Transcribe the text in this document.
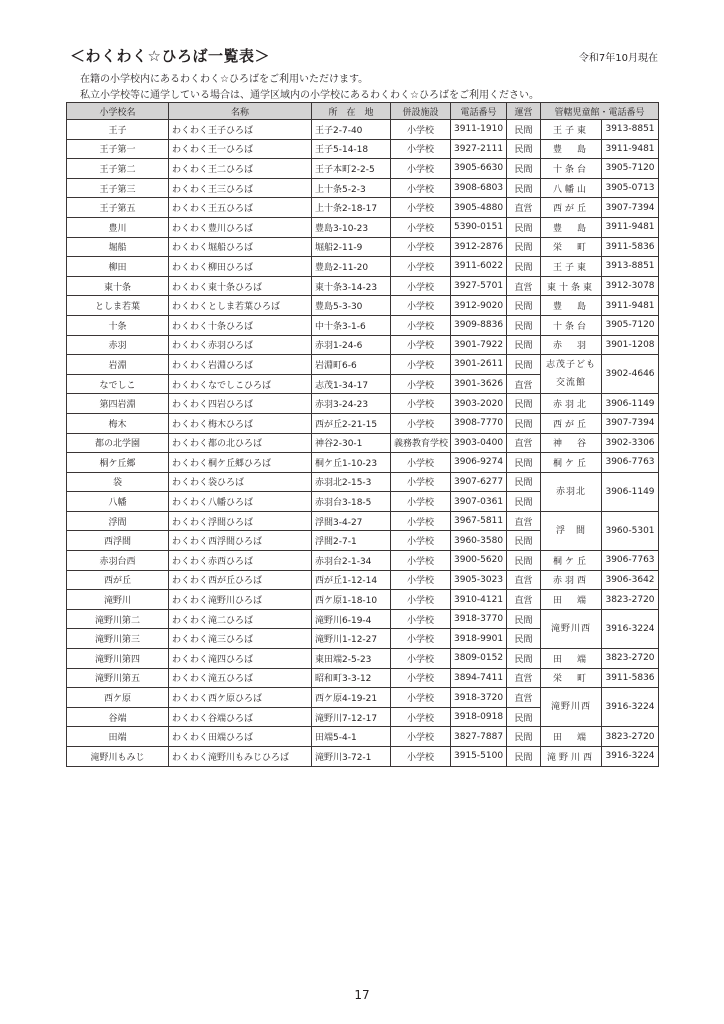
＜わくわく☆ひろば一覧表＞	令和7年10月現在
在籍の小学校内にあるわくわく☆ひろばをご利用いただけます。
私立小学校等に通学している場合は、通学区域内の小学校にあるわくわく☆ひろばをご利用ください。
小学校名	名称	所　在　地	併設施設	電話番号	運営	管轄児童館・電話番号	
王子	わくわく王子ひろば	王子2-7-40	小学校	3911-1910	民間	王子東	3913-8851
王子第一	わくわく王一ひろば	王子5-14-18	小学校	3927-2111	民間	豊　島	3911-9481
王子第二	わくわく王二ひろば	王子本町2-2-5	小学校	3905-6630	民間	十条台	3905-7120
王子第三	わくわく王三ひろば	上十条5-2-3	小学校	3908-6803	民間	八幡山	3905-0713
王子第五	わくわく王五ひろば	上十条2-18-17	小学校	3905-4880	直営	西が丘	3907-7394
豊川	わくわく豊川ひろば	豊島3-10-23	小学校	5390-0151	民間	豊　島	3911-9481
堀船	わくわく堀船ひろば	堀船2-11-9	小学校	3912-2876	民間	栄　町	3911-5836
柳田	わくわく柳田ひろば	豊島2-11-20	小学校	3911-6022	民間	王子東	3913-8851
東十条	わくわく東十条ひろば	東十条3-14-23	小学校	3927-5701	直営	東十条東	3912-3078
としま若葉	わくわくとしま若葉ひろば	豊島5-3-30	小学校	3912-9020	民間	豊　島	3911-9481
十条	わくわく十条ひろば	中十条3-1-6	小学校	3909-8836	民間	十条台	3905-7120
赤羽	わくわく赤羽ひろば	赤羽1-24-6	小学校	3901-7922	民間	赤　羽	3901-1208
岩淵	わくわく岩淵ひろば	岩淵町6-6	小学校	3901-2611	民間	志茂子ども交流館	3902-4646
なでしこ	わくわくなでしこひろば	志茂1-34-17	小学校	3901-3626	直営		
第四岩淵	わくわく四岩ひろば	赤羽3-24-23	小学校	3903-2020	民間	赤羽北	3906-1149
梅木	わくわく梅木ひろば	西が丘2-21-15	小学校	3908-7770	民間	西が丘	3907-7394
都の北学園	わくわく都の北ひろば	神谷2-30-1	義務教育学校	3903-0400	直営	神　谷	3902-3306
桐ケ丘郷	わくわく桐ケ丘郷ひろば	桐ケ丘1-10-23	小学校	3906-9274	民間	桐ケ丘	3906-7763
袋	わくわく袋ひろば	赤羽北2-15-3	小学校	3907-6277	民間	赤羽北	3906-1149
八幡	わくわく八幡ひろば	赤羽台3-18-5	小学校	3907-0361	民間		
浮間	わくわく浮間ひろば	浮間3-4-27	小学校	3967-5811	直営	浮　間	3960-5301
西浮間	わくわく西浮間ひろば	浮間2-7-1	小学校	3960-3580	民間		
赤羽台西	わくわく赤西ひろば	赤羽台2-1-34	小学校	3900-5620	民間	桐ケ丘	3906-7763
西が丘	わくわく西が丘ひろば	西が丘1-12-14	小学校	3905-3023	直営	赤羽西	3906-3642
滝野川	わくわく滝野川ひろば	西ケ原1-18-10	小学校	3910-4121	直営	田　端	3823-2720
滝野川第二	わくわく滝二ひろば	滝野川6-19-4	小学校	3918-3770	民間	滝野川西	3916-3224
滝野川第三	わくわく滝三ひろば	滝野川1-12-27	小学校	3918-9901	民間		
滝野川第四	わくわく滝四ひろば	東田端2-5-23	小学校	3809-0152	民間	田　端	3823-2720
滝野川第五	わくわく滝五ひろば	昭和町3-3-12	小学校	3894-7411	直営	栄　町	3911-5836
西ケ原	わくわく西ケ原ひろば	西ケ原4-19-21	小学校	3918-3720	直営	滝野川西	3916-3224
谷端	わくわく谷端ひろば	滝野川7-12-17	小学校	3918-0918	民間		
田端	わくわく田端ひろば	田端5-4-1	小学校	3827-7887	民間	田　端	3823-2720
滝野川もみじ	わくわく滝野川もみじひろば	滝野川3-72-1	小学校	3915-5100	民間	滝野川西	3916-3224
17
